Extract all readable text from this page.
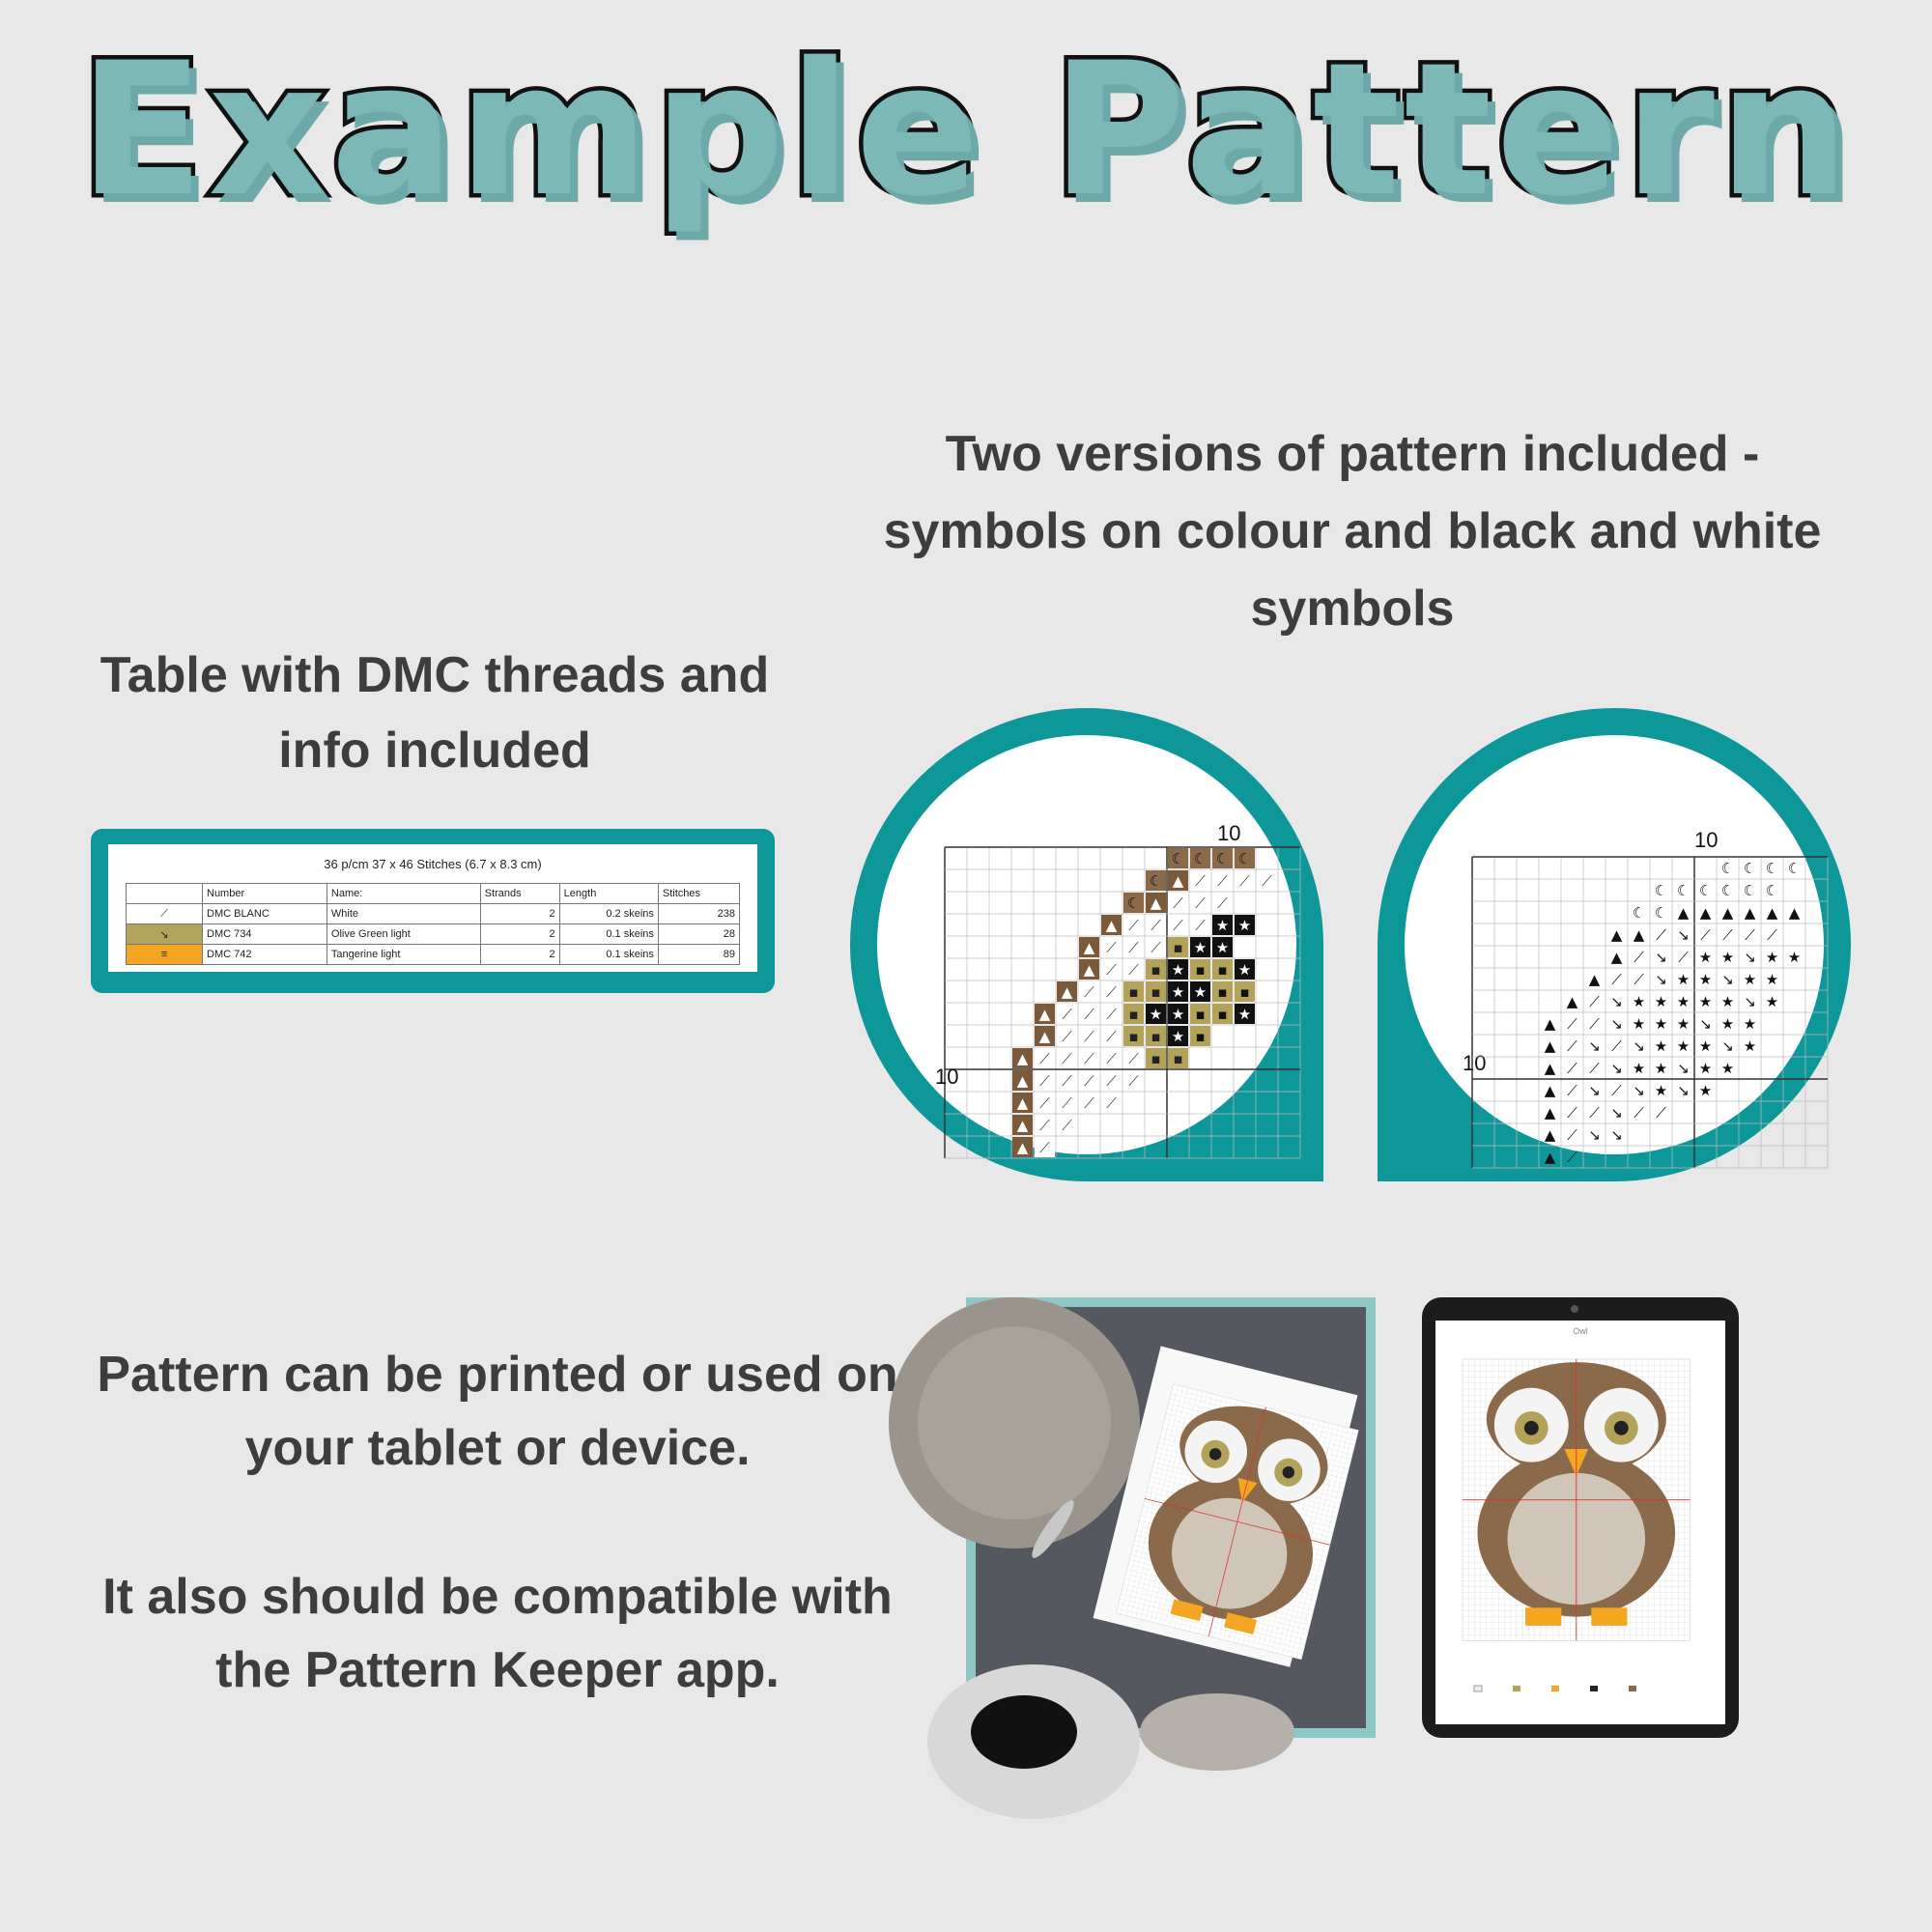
Example Pattern
Two versions of pattern included - symbols on colour and black and white symbols
Table with DMC threads and info included
36 p/cm 37 x 46 Stitches (6.7 x 8.3 cm)
	Number	Name:	Strands	Length	Stitches
⟋	DMC BLANC	White	2	0.2 skeins	238
↘	DMC 734	Olive Green light	2	0.1 skeins	28
≡	DMC 742	Tangerine light	2	0.1 skeins	89
☾ ☾ ☾ ☾
☾ ▲ ⟋ ⟋ ⟋ ⟋
☾ ▲ ⟋ ⟋ ⟋
▲ ⟋ ⟋ ⟋ ⟋ ★ ★
▲ ⟋ ⟋ ⟋ ▪ ★ ★
▲ ⟋ ⟋ ▪ ★ ▪ ▪ ★
▲ ⟋ ⟋ ▪ ▪ ★ ★ ▪ ▪
▲ ⟋ ⟋ ⟋ ▪ ★ ★ ▪ ▪ ★
▲ ⟋ ⟋ ⟋ ▪ ▪ ★ ▪
▲ ⟋ ⟋ ⟋ ⟋ ⟋ ▪ ▪
▲ ⟋ ⟋ ⟋ ⟋ ⟋
▲ ⟋ ⟋ ⟋ ⟋
▲ ⟋ ⟋
▲ ⟋
10
10
10
10
☾ ☾ ☾ ☾
☾ ☾ ☾ ☾ ☾ ☾
☾ ☾ ▲ ▲ ▲ ▲ ▲ ▲
▲ ▲ ⟋ ↘ ⟋ ⟋ ⟋ ⟋
▲ ⟋ ↘ ⟋ ★ ★ ↘ ★ ★
▲ ⟋ ⟋ ↘ ★ ★ ↘ ★ ★
▲ ⟋ ↘ ★ ★ ★ ★ ★ ↘ ★
▲ ⟋ ⟋ ↘ ★ ★ ★ ↘ ★ ★
▲ ⟋ ↘ ⟋ ↘ ★ ★ ★ ↘ ★
▲ ⟋ ⟋ ↘ ★ ★ ↘ ★ ★
▲ ⟋ ↘ ⟋ ↘ ★ ↘ ★
▲ ⟋ ⟋ ↘ ⟋ ⟋
▲ ⟋ ↘ ↘
▲ ⟋
Pattern can be printed or used on your tablet or device.
It also should be compatible with the Pattern Keeper app.
Owl
